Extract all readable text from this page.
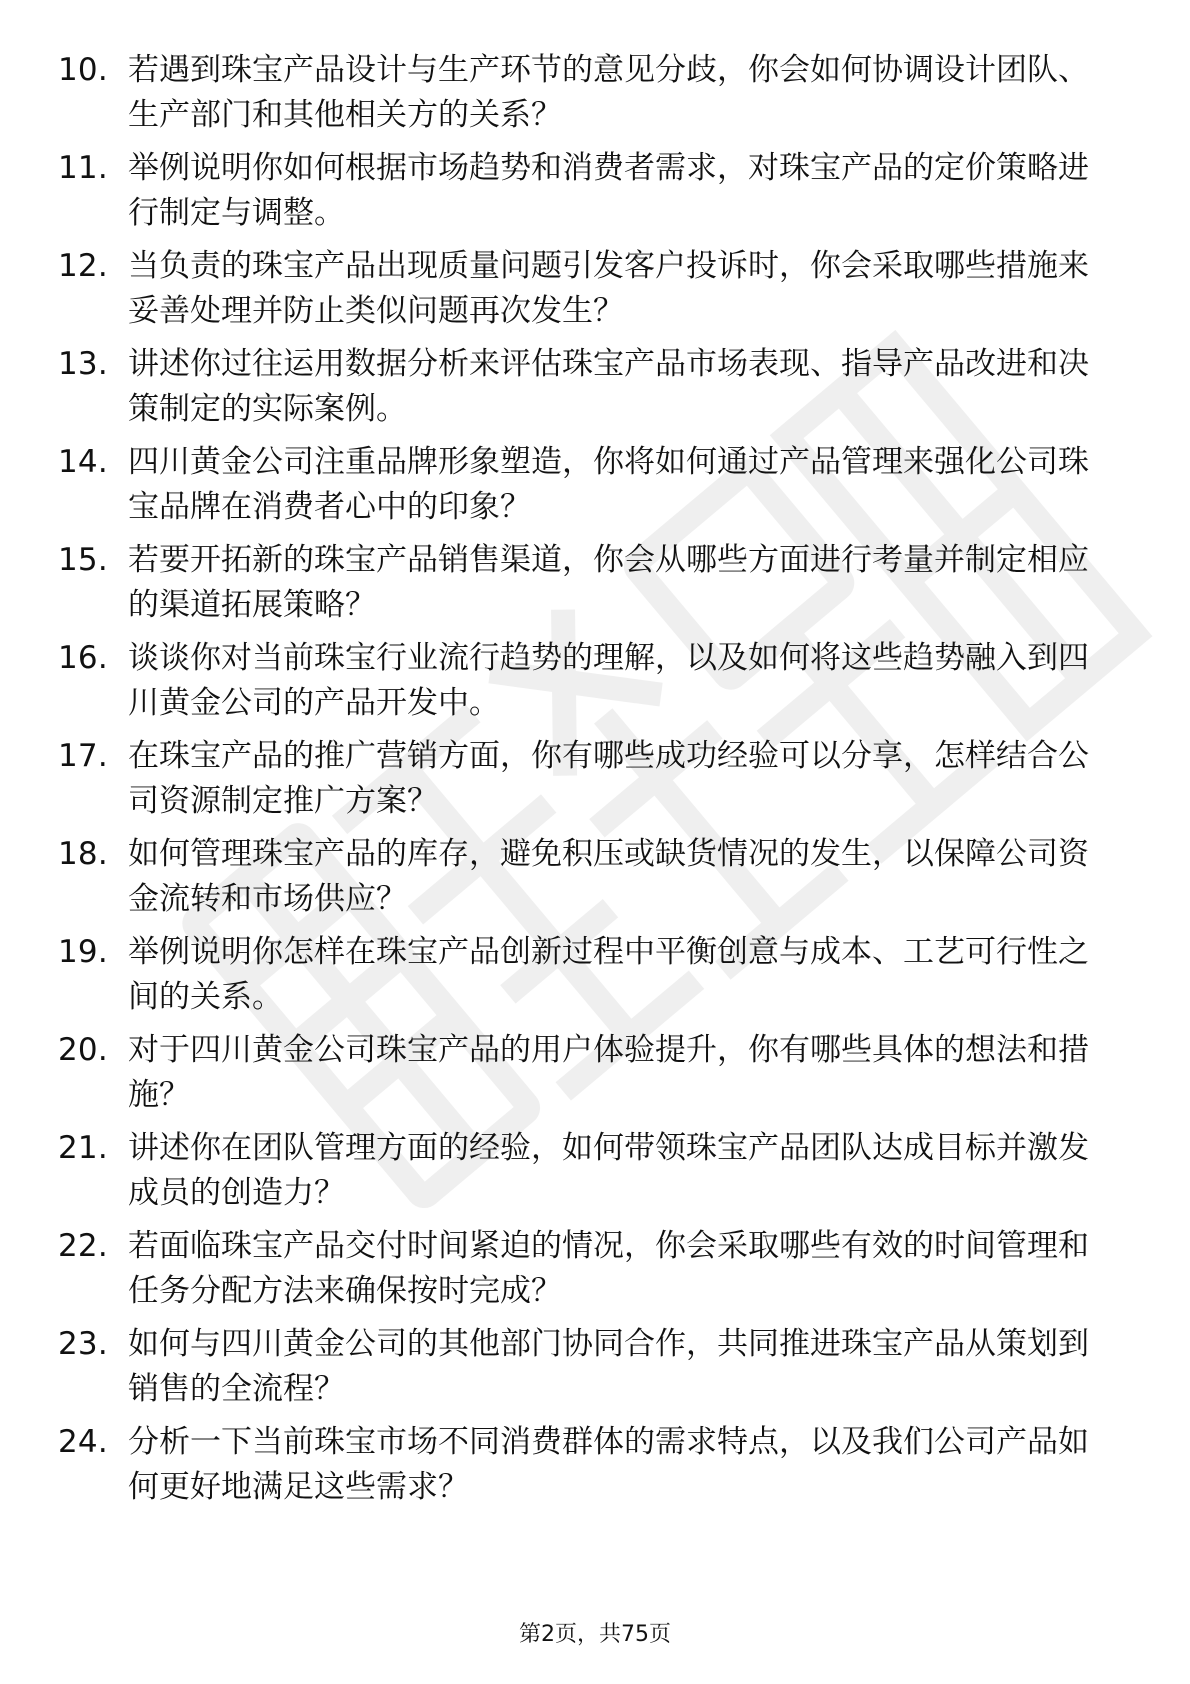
10. 若遇到珠宝产品设计与生产环节的意见分歧，你会如何协调设计团队、生产部门和其他相关方的关系？
11. 举例说明你如何根据市场趋势和消费者需求，对珠宝产品的定价策略进行制定与调整。
12. 当负责的珠宝产品出现质量问题引发客户投诉时，你会采取哪些措施来妥善处理并防止类似问题再次发生？
13. 讲述你过往运用数据分析来评估珠宝产品市场表现、指导产品改进和决策制定的实际案例。
14. 四川黄金公司注重品牌形象塑造，你将如何通过产品管理来强化公司珠宝品牌在消费者心中的印象？
15. 若要开拓新的珠宝产品销售渠道，你会从哪些方面进行考量并制定相应的渠道拓展策略？
16. 谈谈你对当前珠宝行业流行趋势的理解，以及如何将这些趋势融入到四川黄金公司的产品开发中。
17. 在珠宝产品的推广营销方面，你有哪些成功经验可以分享，怎样结合公司资源制定推广方案？
18. 如何管理珠宝产品的库存，避免积压或缺货情况的发生，以保障公司资金流转和市场供应？
19. 举例说明你怎样在珠宝产品创新过程中平衡创意与成本、工艺可行性之间的关系。
20. 对于四川黄金公司珠宝产品的用户体验提升，你有哪些具体的想法和措施？
21. 讲述你在团队管理方面的经验，如何带领珠宝产品团队达成目标并激发成员的创造力？
22. 若面临珠宝产品交付时间紧迫的情况，你会采取哪些有效的时间管理和任务分配方法来确保按时完成？
23. 如何与四川黄金公司的其他部门协同合作，共同推进珠宝产品从策划到销售的全流程？
24. 分析一下当前珠宝市场不同消费群体的需求特点，以及我们公司产品如何更好地满足这些需求？
第2页，共75页
